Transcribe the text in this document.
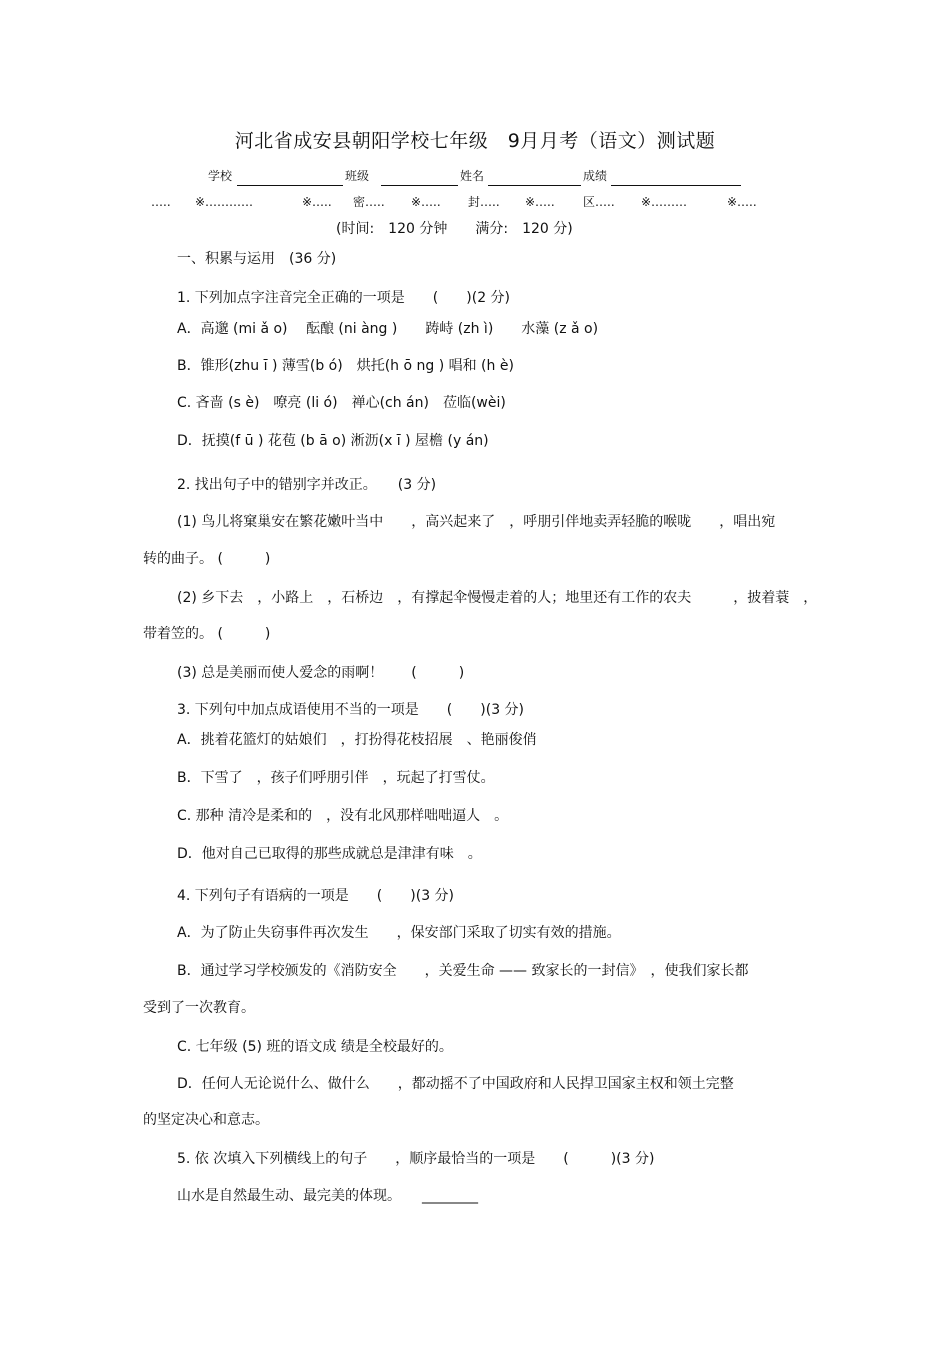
河北省成安县朝阳学校七年级　9月月考（语文）测试题
学校	班级	姓名	成绩
….. ※…………	※….. 密….. ※….. 封….. ※….. 区….. ※………	※…..
(时间:　120 分钟　　满分:　120 分)
一、积累与运用　(36 分)
1. 下列加点字注音完全正确的一项是　　(　　)(2 分)
A．高邈 (mi ǎ o)　 酝酿 (ni àng )　　踌峙 (zh ì)　　水藻 (z ǎ o)
B．锥形(zhu ī ) 薄雪(b ó)　烘托(h ō ng ) 唱和 (h è)
C. 吝啬 (s è)　嘹亮 (li ó)　禅心(ch án)　莅临(wèi)
D．抚摸(f ū ) 花苞 (b ā o) 淅沥(x ī ) 屋檐 (y án)
2. 找出句子中的错别字并改正。　　(3 分)
(1) 鸟儿将窠巢安在繁花嫩叶当中　　，高兴起来了　，呼朋引伴地卖弄轻脆的喉咙　　，唱出宛
转的曲子。 (　　　)
(2) 乡下去　，小路上　，石桥边　，有撑起伞慢慢走着的人；地里还有工作的农夫　　　，披着蓑　，
带着笠的。 (　　　)
(3) 总是美丽而使人爱念的雨啊！　　(　　　)
3. 下列句中加点成语使用不当的一项是　　(　　)(3 分)
A．挑着花篮灯的姑娘们　，打扮得花枝招展　、艳丽俊俏
B．下雪了　，孩子们呼朋引伴　，玩起了打雪仗。
C. 那种 清冷是柔和的　，没有北风那样咄咄逼人　。
D．他对自己已取得的那些成就总是津津有味　。
4. 下列句子有语病的一项是　　(　　)(3 分)
A．为了防止失窃事件再次发生　　，保安部门采取了切实有效的措施。
B．通过学习学校颁发的《消防安全　　，关爱生命 —— 致家长的一封信》　，使我们家长都
受到了一次教育。
C. 七年级 (5) 班的语文成 绩是全校最好的。
D．任何人无论说什么、做什么　　，都动摇不了中国政府和人民捍卫国家主权和领土完整
的坚定决心和意志。
5. 依 次填入下列横线上的句子　　，顺序最恰当的一项是　　(　　　)(3 分)
山水是自然最生动、最完美的体现。　　________
